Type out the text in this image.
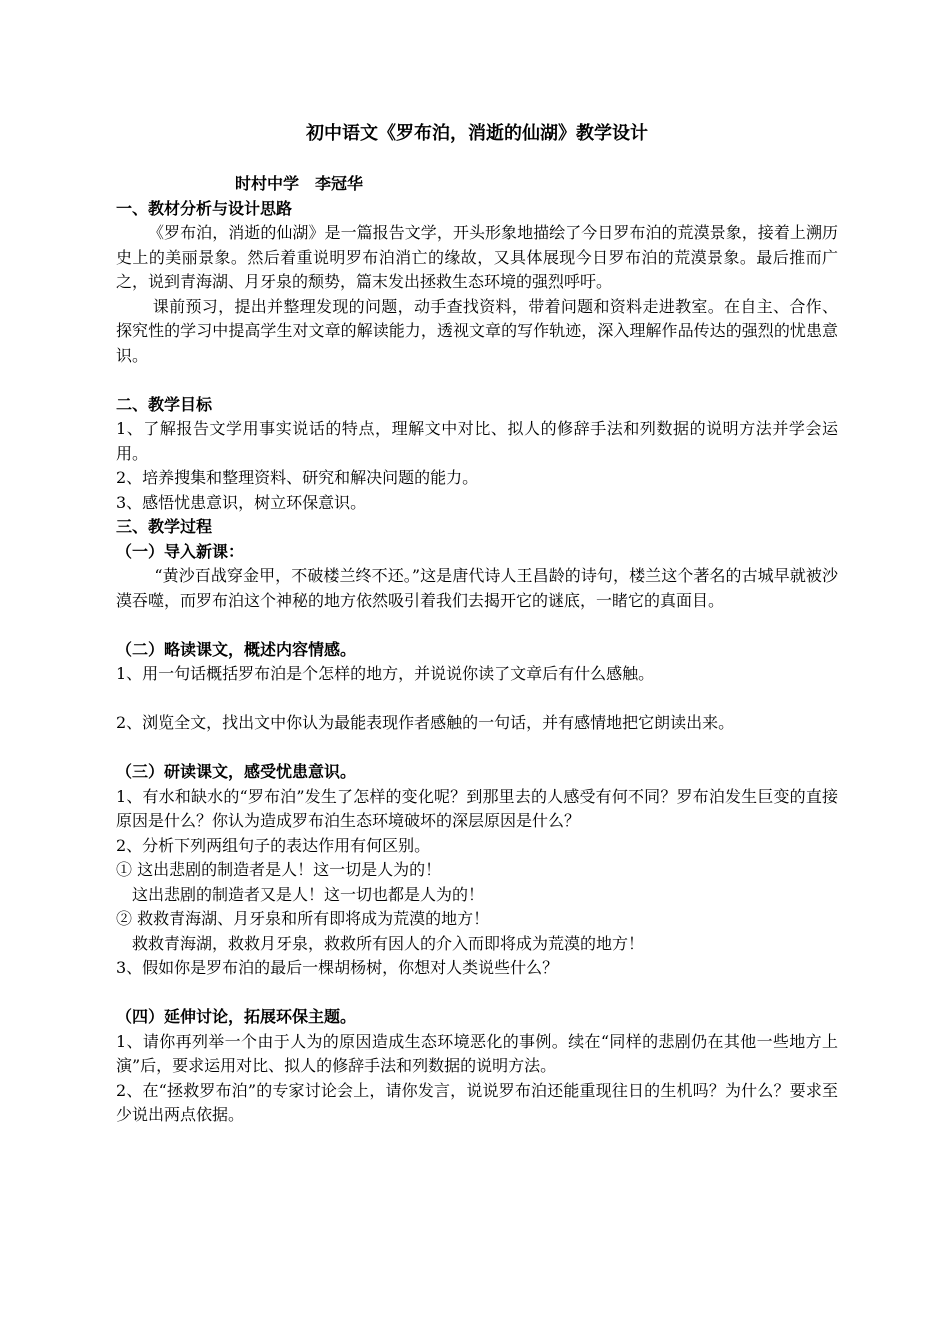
初中语文《罗布泊，消逝的仙湖》教学设计

时村中学　李冠华

一、教材分析与设计思路

《罗布泊，消逝的仙湖》是一篇报告文学，开头形象地描绘了今日罗布泊的荒漠景象，接着上溯历史上的美丽景象。然后着重说明罗布泊消亡的缘故，又具体展现今日罗布泊的荒漠景象。最后推而广之，说到青海湖、月牙泉的颓势，篇末发出拯救生态环境的强烈呼吁。

课前预习，提出并整理发现的问题，动手查找资料，带着问题和资料走进教室。在自主、合作、探究性的学习中提高学生对文章的解读能力，透视文章的写作轨迹，深入理解作品传达的强烈的忧患意识。

二、教学目标

1、了解报告文学用事实说话的特点，理解文中对比、拟人的修辞手法和列数据的说明方法并学会运用。

2、培养搜集和整理资料、研究和解决问题的能力。

3、感悟忧患意识，树立环保意识。

三、教学过程

（一）导入新课：

“黄沙百战穿金甲，不破楼兰终不还。”这是唐代诗人王昌龄的诗句，楼兰这个著名的古城早就被沙漠吞噬，而罗布泊这个神秘的地方依然吸引着我们去揭开它的谜底，一睹它的真面目。

（二）略读课文，概述内容情感。

1、用一句话概括罗布泊是个怎样的地方，并说说你读了文章后有什么感触。

2、浏览全文，找出文中你认为最能表现作者感触的一句话，并有感情地把它朗读出来。

（三）研读课文，感受忧患意识。

1、有水和缺水的“罗布泊”发生了怎样的变化呢？到那里去的人感受有何不同？罗布泊发生巨变的直接原因是什么？你认为造成罗布泊生态环境破坏的深层原因是什么？

2、分析下列两组句子的表达作用有何区别。

① 这出悲剧的制造者是人！这一切是人为的！

这出悲剧的制造者又是人！这一切也都是人为的！

② 救救青海湖、月牙泉和所有即将成为荒漠的地方！

救救青海湖，救救月牙泉，救救所有因人的介入而即将成为荒漠的地方！

3、假如你是罗布泊的最后一棵胡杨树，你想对人类说些什么？

（四）延伸讨论，拓展环保主题。

1、请你再列举一个由于人为的原因造成生态环境恶化的事例。续在“同样的悲剧仍在其他一些地方上演”后，要求运用对比、拟人的修辞手法和列数据的说明方法。

2、在“拯救罗布泊”的专家讨论会上，请你发言，说说罗布泊还能重现往日的生机吗？为什么？要求至少说出两点依据。
